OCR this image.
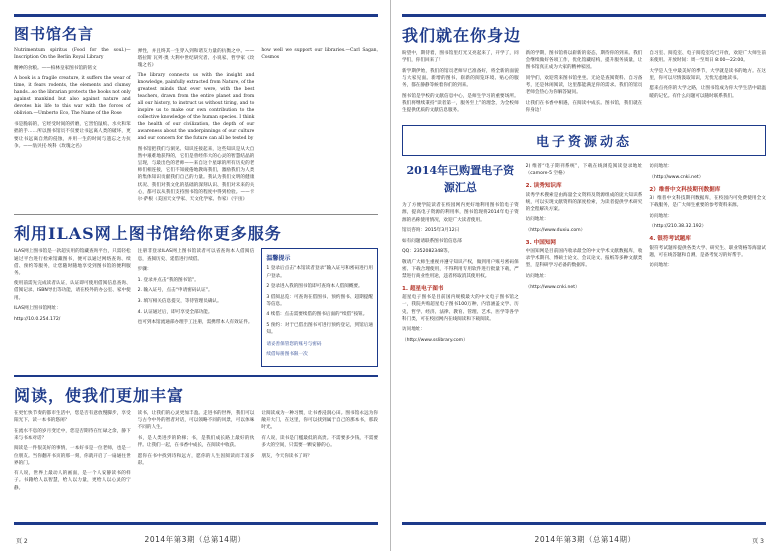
图书馆名言

Nutrimentum spiritus (Food for the soul.)—Inscription On the Berlin Royal Library

精神的食粮。——柏林皇家图书馆的铭文

A book is a fragile creature, it suffers the wear of time, it fears rodents, the elements and clumsy hands...so the librarian protects the books not only against mankind but also against nature and devotes his life to this war with the forces of oblivion.—Umberto Eco, The Name of the Rose

书是脆弱的，它经受时间的折磨，它害怕鼠蚁、水火和笨拙的手……所以图书馆员不仅要让书远离人类的破坏，更要让书远离自然的侵蚀，并用一生的时间与遗忘之力抗争。——翁贝托·埃科《玫瑰之名》

弹性，并且终其一生穿入到和诸友力量的抗衡之中。——塔拉斯 瓦列·奥 大利中世纪研究者、小说家、哲学家《玫瑰之名》

The library connects us with the insight and knowledge, painfully extracted from Nature, of the greatest minds that ever were, with the best teachers, drawn from the entire planet and from all our history, to instruct us without tiring, and to inspire us to make our own contribution to the collective knowledge of the human species. I think the health of our civilization, the depth of our awareness about the underpinnings of our culture and our concern for the future can all be tested by

图书馆把我们与洞见、知识连接起来，这些知识是从大自然中艰难地获得的，它们是曾经伟大的心灵的智慧结晶的呈现，与最出色的老师——来自这个星球的所有历史的老师们相连接，它们不知疲倦地教诲我们，激励我们为人类的集体知识贡献我们自己的力量。我认为我们文明的健康状况、我们对我文化的基础的深刻认识、我们对未来的关心，都可以从我们支持图书馆的程度中得到检验。——卡尔·萨根（美国天文学家、天文化学家、作家）《宇宙》

how well we support our libraries.—Carl Sagan, Cosmos

利用ILAS网上图书馆给你更多服务

ILAS网上图书馆是一款超实用的馆藏查询平台，只需轻松通过平台进行检索馆藏图书，便可以通过网络查询、续借、预约等服务，让您随时随地享受到图书馆的便利服务。

使用前需先完成读者认证，认证即可使用借阅信息查询、借阅记录、ISBN导出等功能，请在校外的办公室、家中使用。

ILAS网上图书馆网址：

http://10.0.254.172/

注册非登录ILAS网上图书馆读者可以省查询本人借阅信息，查阅历史、延借进行续借。

步骤：

1. 登录并点击“我的图书馆”。

2. 输入证号，点击“申请密码认证”。

3. 填写相关信息提交，等待管理员确认。

4. 认证通过后，即可享受全部功能。

也可到本馆流通部办理手工注册，需携带本人有效证件。

温馨提示

1 登录后点击“本馆读者登录”输入证号和密码进行用户登录。

2 登录进入我的图书馆即可查询本人借阅概要。

3 借阅总览：可查询在借图书、预约图书、超期提醒等信息。

4 续借：点击需要续借的图书后面的“续借”按钮。

5 预约：对于已借出图书可进行预约登记，到馆后通知。

请妥善保管您的账号与密码

续借每册图书限一次

阅读，使我们更加丰富

在更忙快节奏的都市生活中，您是否有意放慢脚步，享受阳光下、读一本书的悠闲？

在流水不息的岁月变迁中，您是否期待在忙碌之余，静下来与书本对话？

阅读是一件很美好的事情，一本好书是一位老师，也是一位朋友。当你翻开书页的那一刻，你就开启了一扇通往世界的门。

有人说，世界上最动人的画面，是一个人安静读书的样子。书籍给人以智慧，给人以力量，更给人以心灵的宁静。

读书，让我们的心灵更加丰盈。走进书的世界，我们可以与古今中外的智者对话，可以领略不同的风景，可以体味不同的人生。

书，是人类进步的阶梯；书，是我们成长路上最好的伙伴。让我们一起，在书香中成长，在阅读中收获。

愿你在书中找到诗和远方，愿你的人生因阅读而丰富多彩。

让阅读成为一种习惯，让书香浸润心田。图书馆永远为你敞开大门，在这里，你可以找到属于自己的那本书，那段时光。

有人说，读书是门槛最低的高贵。不需要多少钱，不需要多大的空间，只需要一颗安静的心。

朋友，今天你读书了吗？

页 2	2014年第3期（总第14期）
我们就在你身边

盼望中，期待着，图书馆里灯光又亮起来了，开学了，同学们，你们回来了！

新学期伊始，我们的馆员老师早已准备好，将全新的面貌与大家见面。新增的图书、崭新的阅览环境、贴心的服务，都在静静等候着你们的到来。

图书馆是学校的文献信息中心，是师生学习的重要场所。我们将继续秉持“读者第一，服务至上”的理念，为全校师生提供优质的文献信息服务。

新的学期，图书馆将以崭新的姿态，期待你的到来。我们会继续做好各项工作，优化馆藏结构，提升服务质量，让图书馆真正成为大家的精神家园。

同学们，欢迎常来图书馆坐坐。无论是查阅资料、自习备考，还是休闲阅读，这里都能满足你的需求。我们的馆员老师会热心为你解答疑问。

让我们在书香中相遇，在阅读中成长。图书馆，我们就在你身边！

自习室、阅览室、电子阅览室均已开放，欢迎广大师生前来使用。开放时间：周一至周日 8:00—22:00。

大学是人生中最美好的季节，大学就是读书的地方。在这里，你可以尽情汲取知识，无忧无虑地读书。

愿来点亮你的大学之路，让图书馆成为你大学生活中最温暖的记忆。有什么问题可以随时联系我们。

电子资源动态
2014年已购置电子资源汇总

为了方便学院读者在校园网内更好地利用图书馆电子资源，提高电子资源的利用率，图书馆现将2014年电子资源的名称使用情况，欢迎广大读者使用。

馆员咨询：2015年3月12日

如有问题请联系图书馆信息部

QQ：2352082348等。

敬请广大师生重视并遵守知识产权，做到用户账号密码保密、下载合理使用，不得利用专用软件进行批量下载，严禁进行商业性用途，违者将取消其使用权。

1. 超星电子图书

超星电子图书是目前国内规模最大的中文电子图书馆之一，我院共购超星电子图书100万种，内容涵盖文学、历史、哲学、经济、法律、教育、管理、艺术、医学等各学科门类，可在校园网内在线阅读和下载阅读。

访问地址：

（http://www.sslibrary.com）

2) 维普“电子期刊系统”，下载在线浏览阅读登录地址（camore-5 空格）

2. 读秀知识库

读秀学术搜索是由海量全文资料及资源组成的庞大知识系统，可以实现文献资料的深度检索，为读者提供学术研究的全程解决方案。

访问地址：

（http://www.duxiu.com）

3. 中国知网

中国知网是目前国内收录最全的中文学术文献数据库，收录学术期刊、博硕士论文、会议论文、报纸等多种文献类型，是科研学习必备的数据库。

访问地址：

（http://www.cnki.net）

访问地址：

（http://www.cnki.net）

2）维普中文科技期刊数据库

3）维普中文科技期刊数据库，在校园内可免费使用全文下载服务，是广大师生重要的参考资料来源。

访问地址：

（http://210.38.32.192）

4. 银符考试题库

银符考试题库提供各类大学、研究生、职业资格等海量试题，可在线答题和自测，是备考复习的好帮手。

访问地址：

页 3
2014年第3期（总第14期）
